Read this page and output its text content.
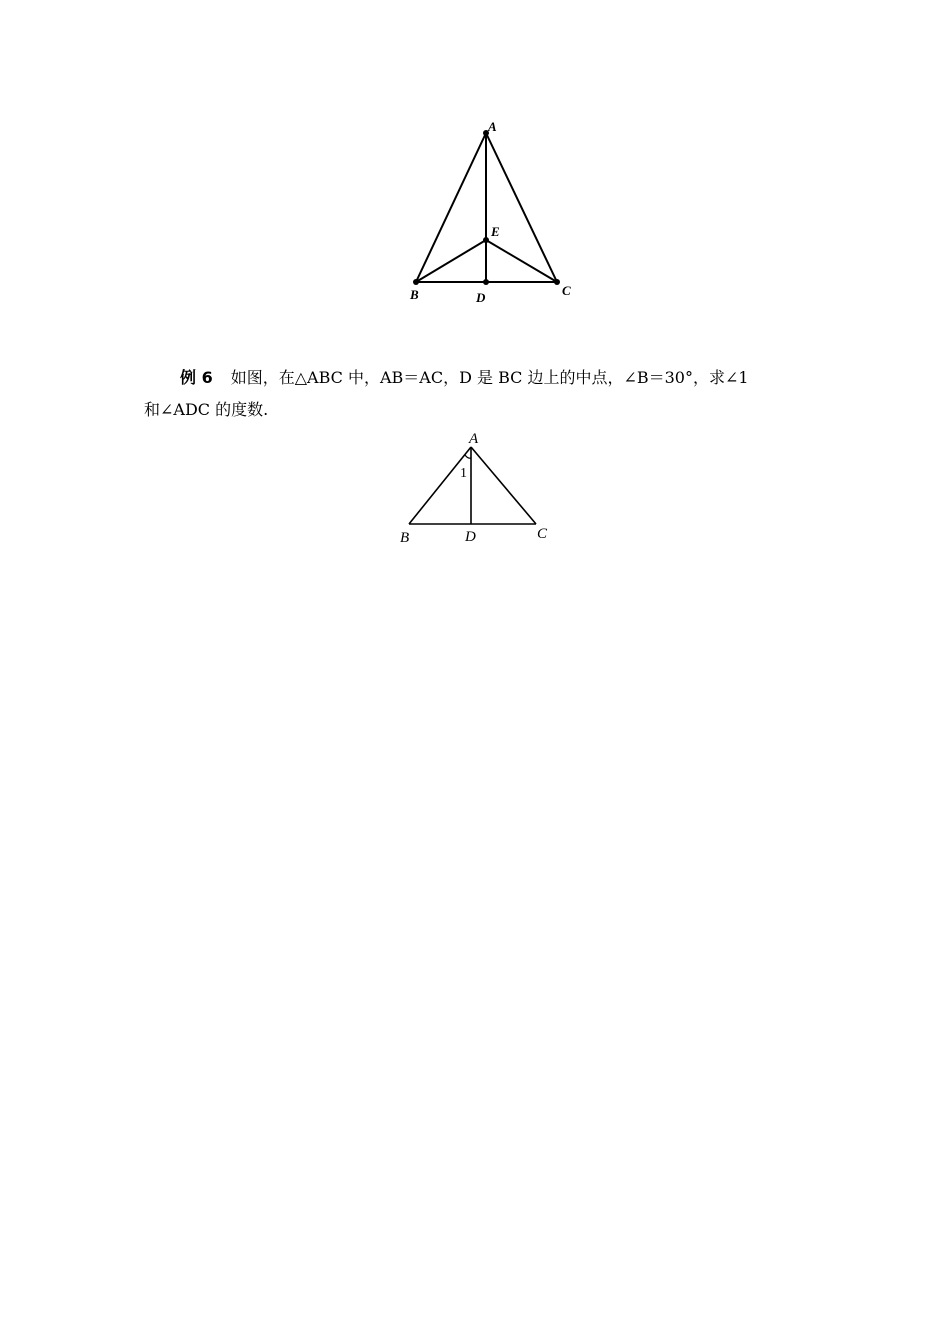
A
E
B	D	C
A
1
B	D	C
例 6 如图，在△ABC 中，AB＝AC，D 是 BC 边上的中点，∠B＝30°，求∠1
和∠ADC 的度数.
